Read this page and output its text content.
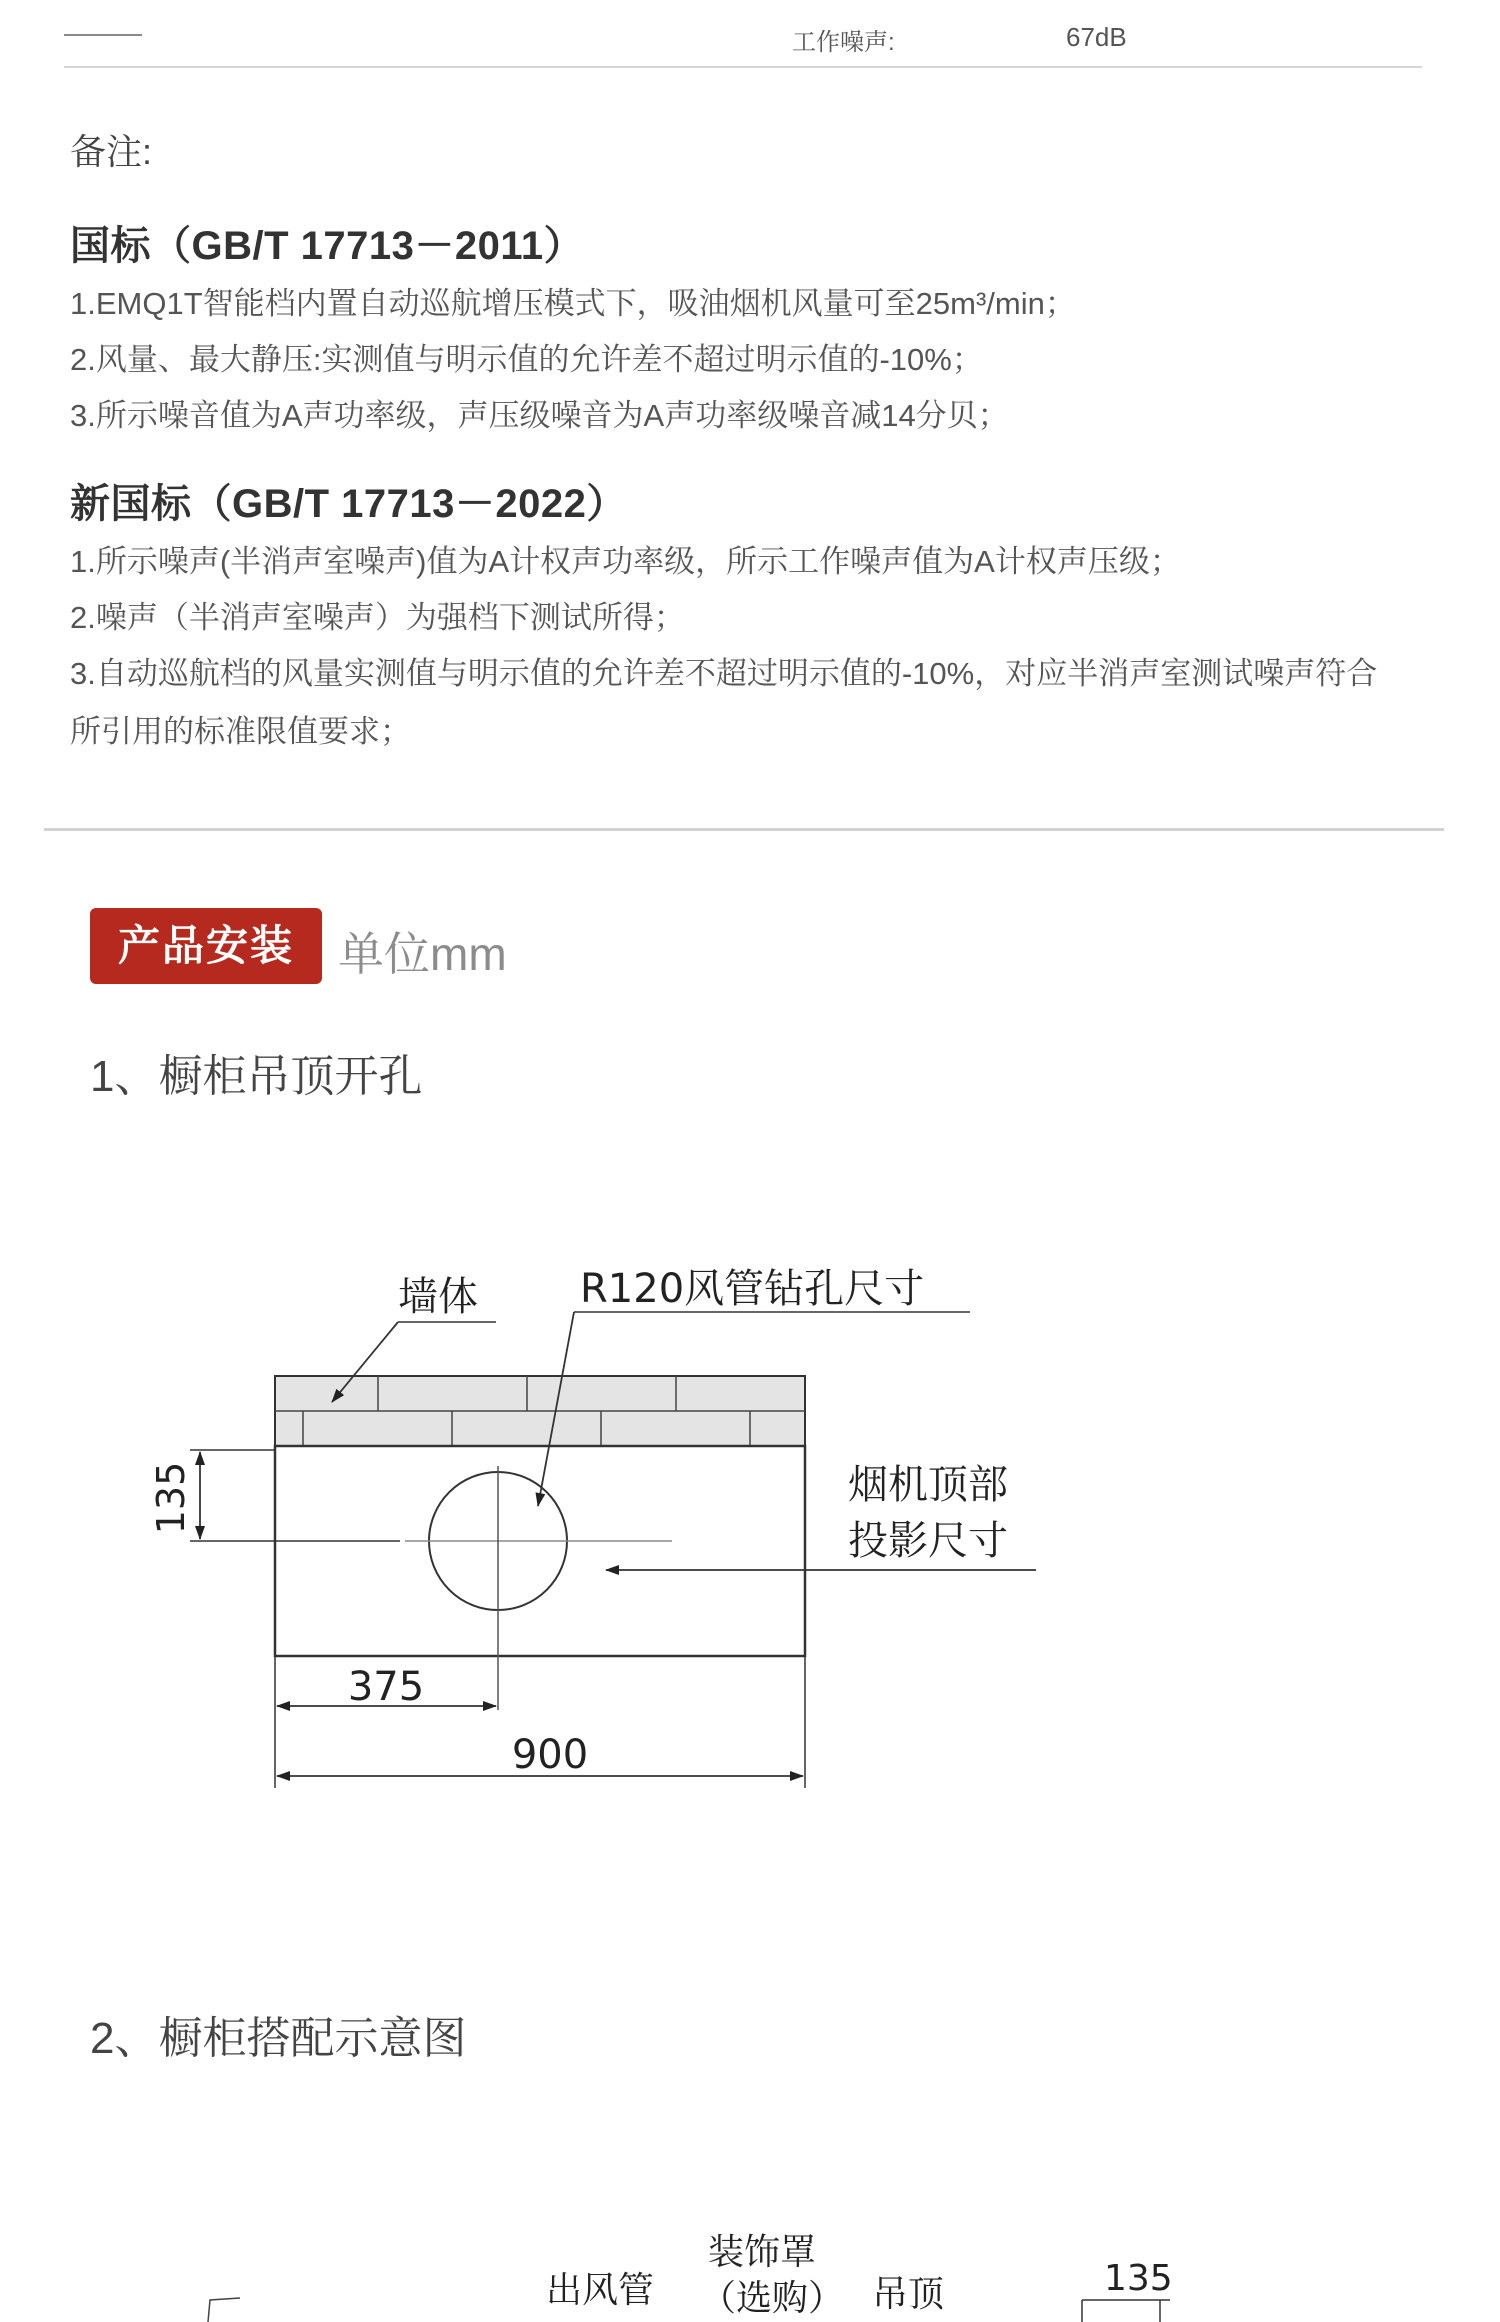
工作噪声:	67dB
备注:
国标（GB/T 17713－2011）
1.EMQ1T智能档内置自动巡航增压模式下，吸油烟机风量可至25m³/min；
2.风量、最大静压:实测值与明示值的允许差不超过明示值的-10%；
3.所示噪音值为A声功率级，声压级噪音为A声功率级噪音减14分贝；
新国标（GB/T 17713－2022）
1.所示噪声(半消声室噪声)值为A计权声功率级，所示工作噪声值为A计权声压级；
2.噪声（半消声室噪声）为强档下测试所得；
3.自动巡航档的风量实测值与明示值的允许差不超过明示值的-10%，对应半消声室测试噪声符合
所引用的标准限值要求；
产品安装 单位mm
1、橱柜吊顶开孔
墙体	R120风管钻孔尺寸
烟机顶部
投影尺寸
135
375
900
2、橱柜搭配示意图
出风管
装饰罩
（选购） 吊顶	135
